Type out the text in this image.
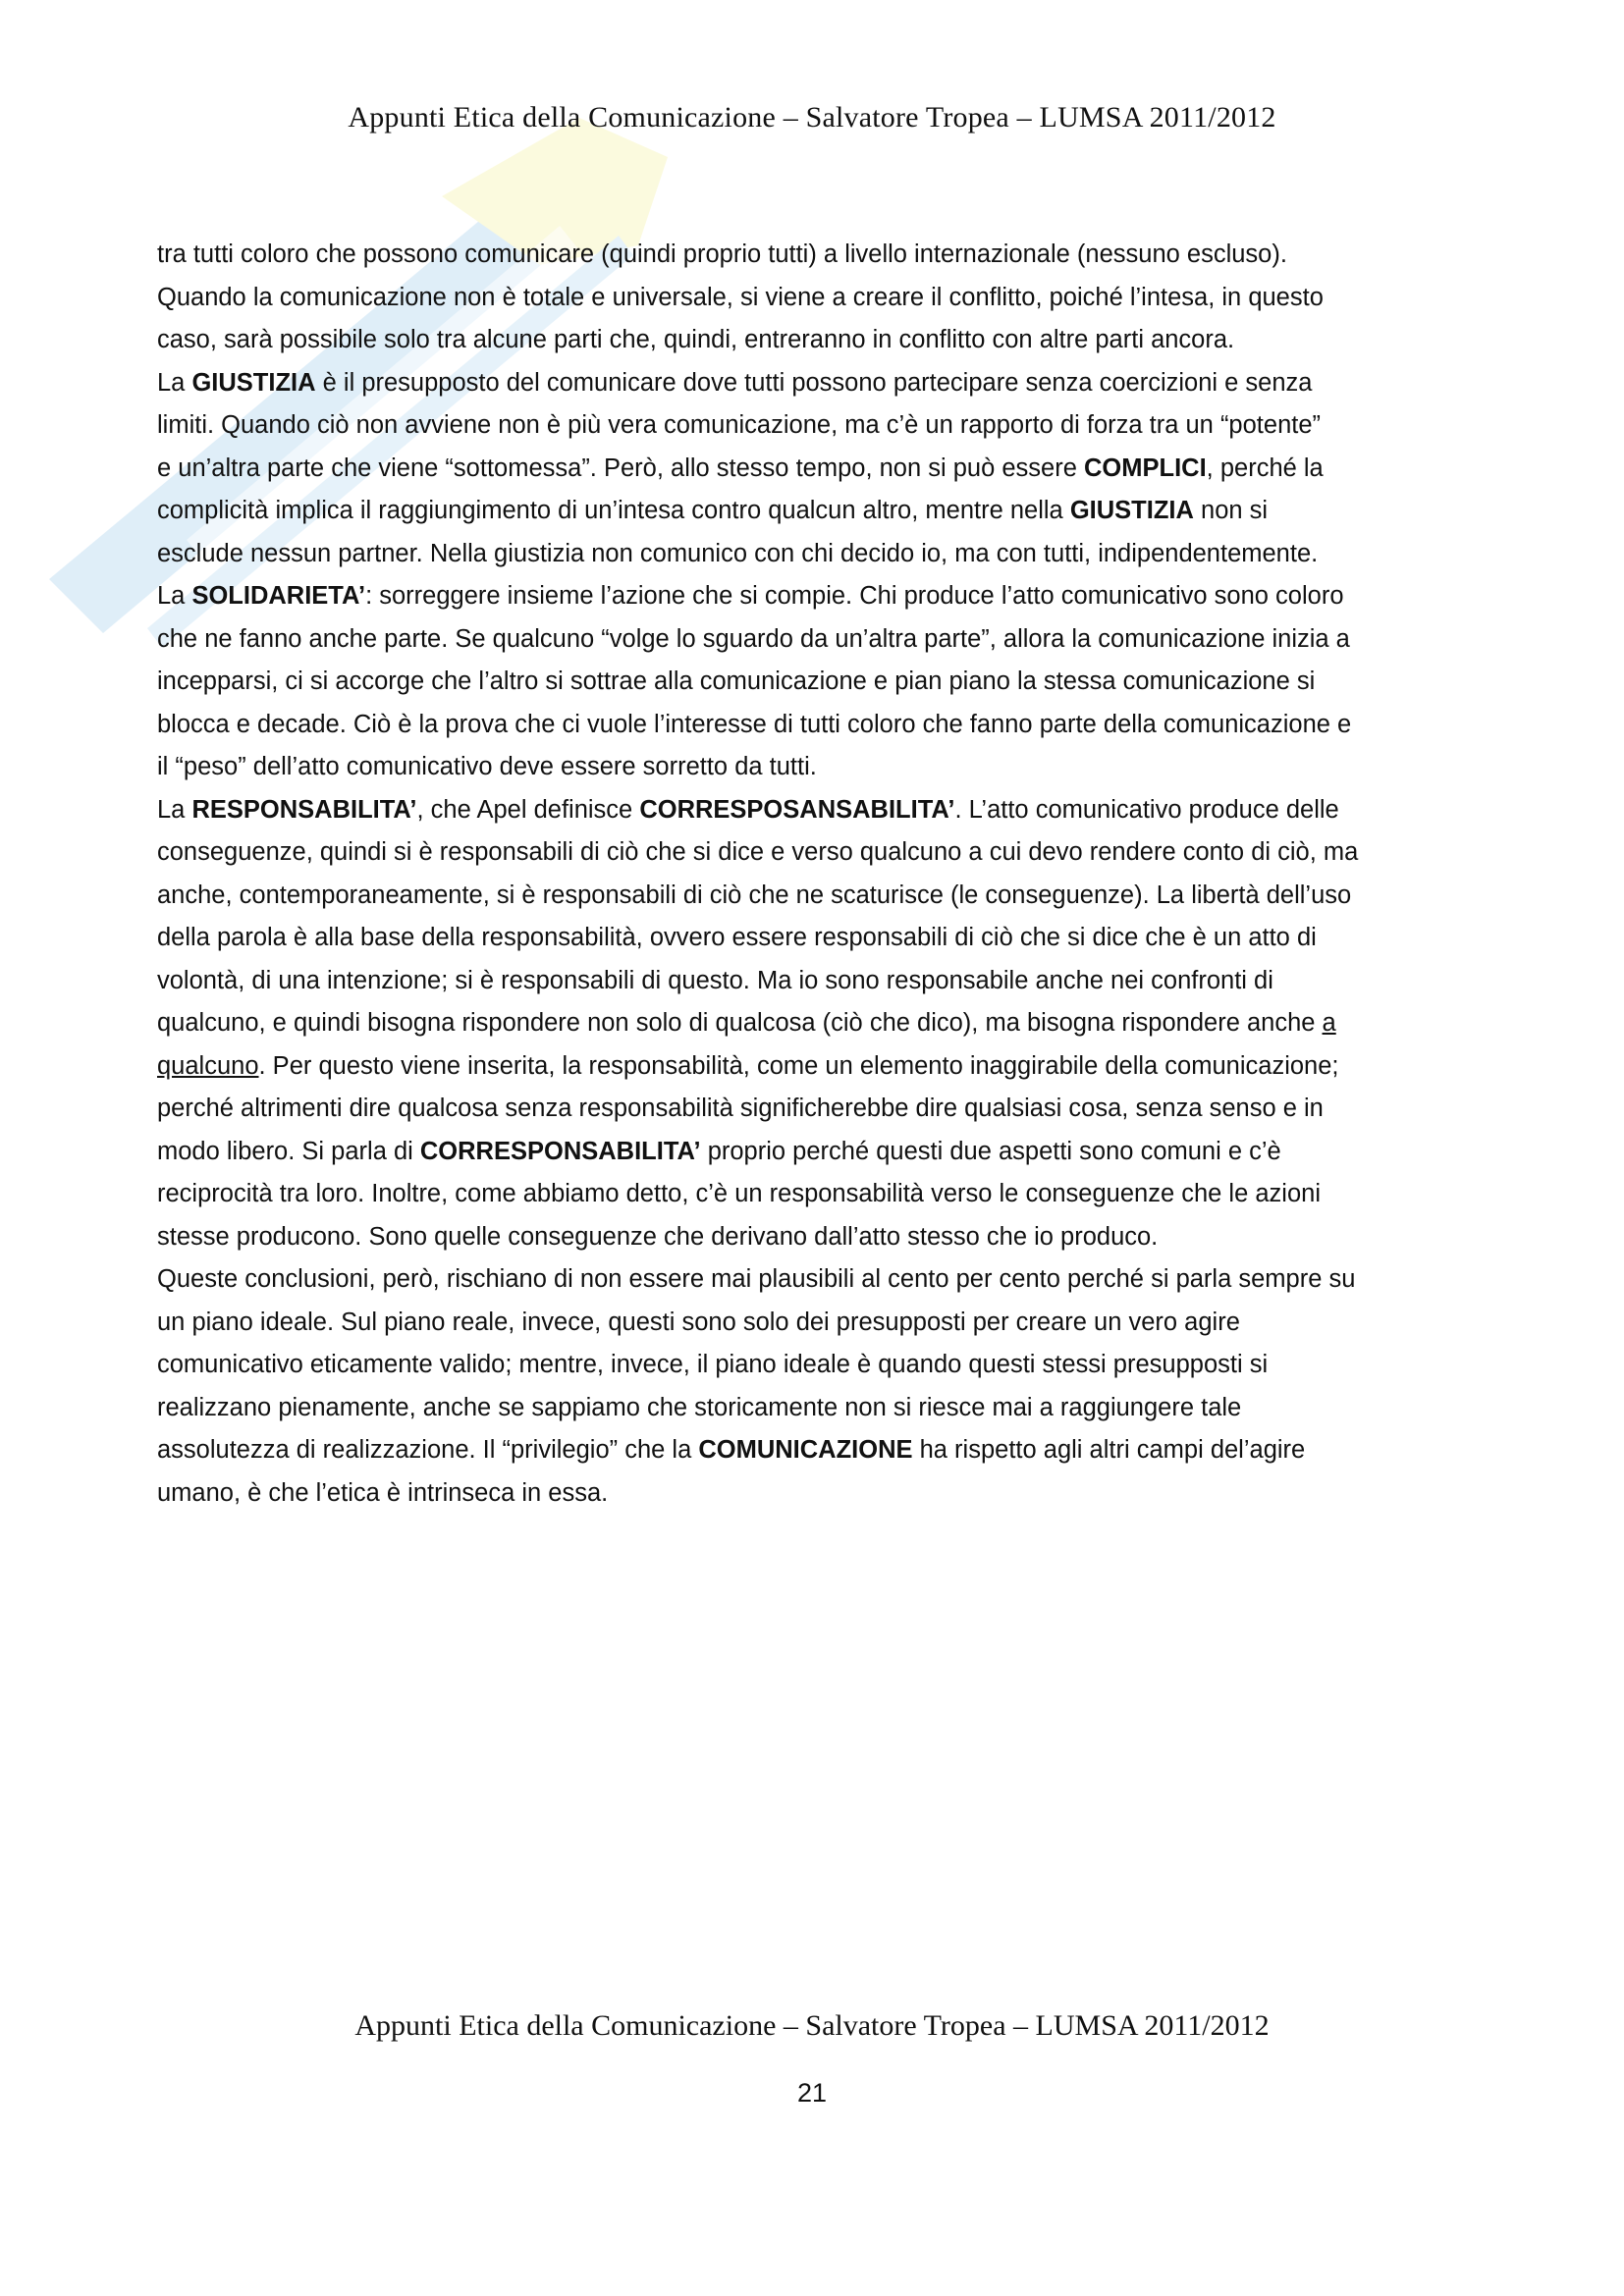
Appunti Etica della Comunicazione – Salvatore Tropea – LUMSA 2011/2012
tra tutti coloro che possono comunicare (quindi proprio tutti) a livello internazionale (nessuno escluso).
Quando la comunicazione non è totale e universale, si viene a creare il conflitto, poiché l’intesa, in questo
caso, sarà possibile solo tra alcune parti che, quindi, entreranno in conflitto con altre parti ancora.
La GIUSTIZIA è il presupposto del comunicare dove tutti possono partecipare senza coercizioni e senza
limiti. Quando ciò non avviene non è più vera comunicazione, ma c’è un rapporto di forza tra un “potente”
e un’altra parte che viene “sottomessa”. Però, allo stesso tempo, non si può essere COMPLICI, perché la
complicità implica il raggiungimento di un’intesa contro qualcun altro, mentre nella GIUSTIZIA non si
esclude nessun partner. Nella giustizia non comunico con chi decido io, ma con tutti, indipendentemente.
La SOLIDARIETA’: sorreggere insieme l’azione che si compie. Chi produce l’atto comunicativo sono coloro
che ne fanno anche parte. Se qualcuno “volge lo sguardo da un’altra parte”, allora la comunicazione inizia a
incepparsi, ci si accorge che l’altro si sottrae alla comunicazione e pian piano la stessa comunicazione si
blocca e decade. Ciò è la prova che ci vuole l’interesse di tutti coloro che fanno parte della comunicazione e
il “peso” dell’atto comunicativo deve essere sorretto da tutti.
La RESPONSABILITA’, che Apel definisce CORRESPOSANSABILITA’. L’atto comunicativo produce delle
conseguenze, quindi si è responsabili di ciò che si dice e verso qualcuno a cui devo rendere conto di ciò, ma
anche, contemporaneamente, si è responsabili di ciò che ne scaturisce (le conseguenze). La libertà dell’uso
della parola è alla base della responsabilità, ovvero essere responsabili di ciò che si dice che è un atto di
volontà, di una intenzione; si è responsabili di questo. Ma io sono responsabile anche nei confronti di
qualcuno, e quindi bisogna rispondere non solo di qualcosa (ciò che dico), ma bisogna rispondere anche a
qualcuno. Per questo viene inserita, la responsabilità, come un elemento inaggirabile della comunicazione;
perché altrimenti dire qualcosa senza responsabilità significherebbe dire qualsiasi cosa, senza senso e in
modo libero. Si parla di CORRESPONSABILITA’ proprio perché questi due aspetti sono comuni e c’è
reciprocità tra loro. Inoltre, come abbiamo detto, c’è un responsabilità verso le conseguenze che le azioni
stesse producono. Sono quelle conseguenze che derivano dall’atto stesso che io produco.
Queste conclusioni, però, rischiano di non essere mai plausibili al cento per cento perché si parla sempre su
un piano ideale. Sul piano reale, invece, questi sono solo dei presupposti per creare un vero agire
comunicativo eticamente valido; mentre, invece, il piano ideale è quando questi stessi presupposti si
realizzano pienamente, anche se sappiamo che storicamente non si riesce mai a raggiungere tale
assolutezza di realizzazione. Il “privilegio” che la COMUNICAZIONE ha rispetto agli altri campi del’agire
umano, è che l’etica è intrinseca in essa.
Appunti Etica della Comunicazione – Salvatore Tropea – LUMSA 2011/2012
21
